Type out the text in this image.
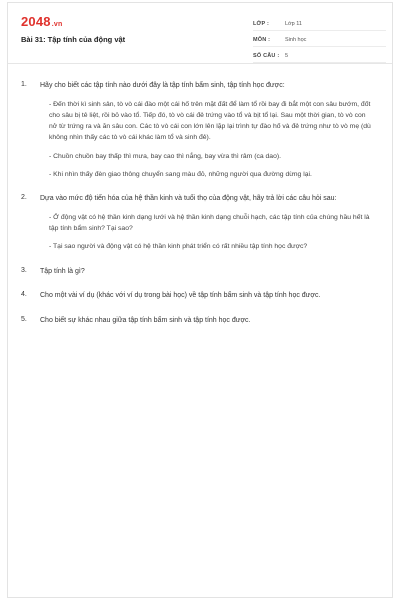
2048.vn
Bài 31: Tập tính của động vật
LỚP :	Lớp 11
MÔN :	Sinh học
SỐ CÂU :	5
1. Hãy cho biết các tập tính nào dưới đây là tập tính bẩm sinh, tập tính học được:
- Đến thời kì sinh sản, tò vò cái đào một cái hố trên mặt đất để làm tổ rồi bay đi bắt một con sâu bướm, đốt cho sâu bị tê liệt, rồi bỏ vào tổ. Tiếp đó, tò vò cái đẻ trứng vào tổ và bịt tổ lại. Sau một thời gian, tò vò con nở từ trứng ra và ăn sâu con. Các tò vò cái con lớn lên lặp lại trình tự đào hố và đẻ trứng như tò vò mẹ (dù không nhìn thấy các tò vò cái khác làm tổ và sinh đẻ).
- Chuồn chuồn bay thấp thì mưa, bay cao thì nắng, bay vừa thì râm (ca dao).
- Khi nhìn thấy đèn giao thông chuyển sang màu đỏ, những người qua đường dừng lại.
2. Dựa vào mức độ tiến hóa của hệ thần kinh và tuổi thọ của động vật, hãy trả lời các câu hỏi sau:
- Ở động vật có hệ thần kinh dạng lưới và hệ thần kinh dạng chuỗi hạch, các tập tính của chúng hầu hết là tập tính bẩm sinh? Tại sao?
- Tại sao người và động vật có hệ thần kinh phát triển có rất nhiều tập tính học được?
3. Tập tính là gì?
4. Cho một vài ví dụ (khác với ví dụ trong bài học) về tập tính bẩm sinh và tập tính học được.
5. Cho biết sự khác nhau giữa tập tính bẩm sinh và tập tính học được.
